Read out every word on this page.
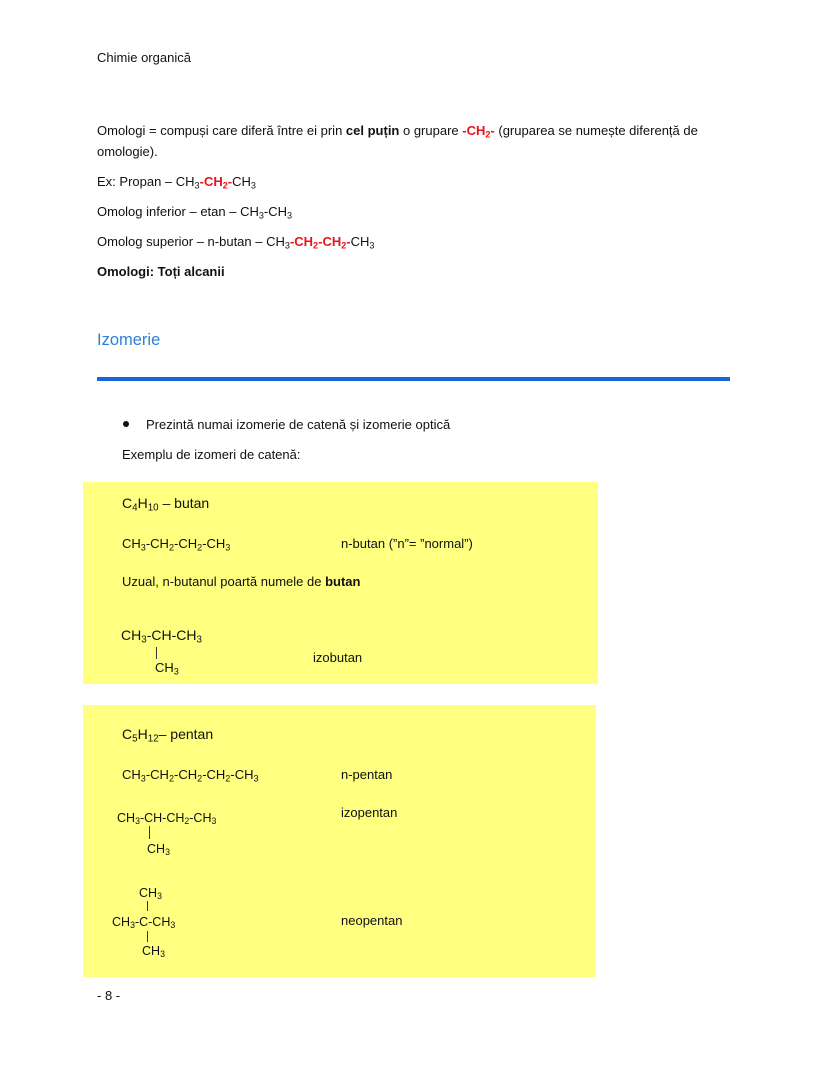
Chimie organică
Omologi = compuși care diferă între ei prin cel puțin o grupare $-CH_2-$ (gruparea se numește diferență de
omologie).
Ex: Propan – $CH_3-CH_2-CH_3$
Omolog inferior – etan – $CH_3-CH_3$
Omolog superior – $n-butan - CH_3-CH_2-CH_2-CH_3$
Omologi: Toți alcanii
Izomerie
Prezintă numai izomerie de catenă și izomerie optică
Exemplu de izomeri de catenă:
$C_4H_{10}$ – butan
$CH_3-CH_2-CH_2-CH_3$	n-butan (”n”= ”normal”)
Uzual, n-butanul poartă numele de butan
$CH_3-CH-CH_3$
$CH_3$
izobutan
$C_5H_{12}-$ pentan
$CH_3-CH_2-CH_2-CH_2-CH_3$	n-pentan
$CH_3-CH-CH_2-CH_3$
$CH_3$
izopentan
$CH_3$
$CH_3-C-CH_3$
$CH_3$
neopentan
- 8 -
